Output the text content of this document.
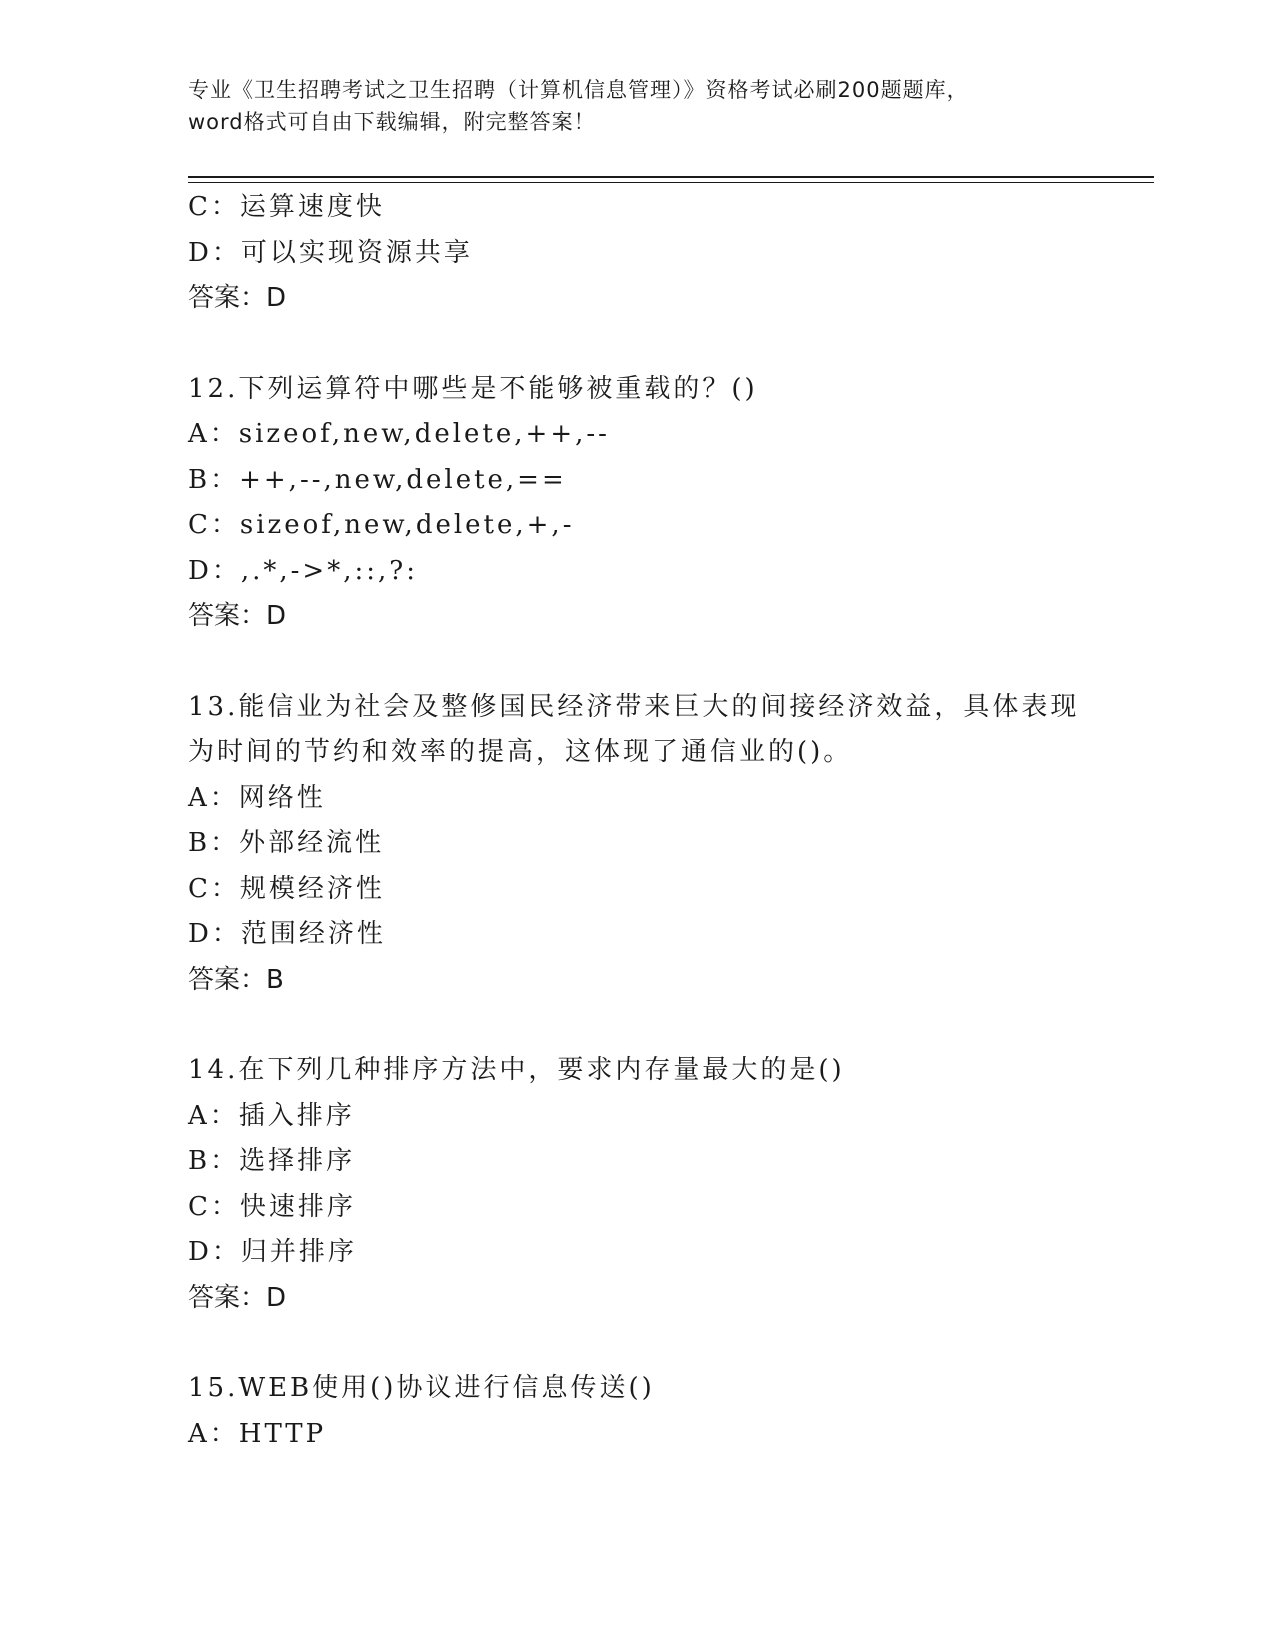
专业《卫生招聘考试之卫生招聘（计算机信息管理）》资格考试必刷200题题库，
word格式可自由下载编辑，附完整答案！
C：运算速度快
D：可以实现资源共享
答案：D
12.下列运算符中哪些是不能够被重载的？()
A：sizeof,new,delete,++,--
B：++,--,new,delete,==
C：sizeof,new,delete,+,-
D：,.*,->*,::,?:
答案：D
13.能信业为社会及整修国民经济带来巨大的间接经济效益，具体表现
为时间的节约和效率的提高，这体现了通信业的()。
A：网络性
B：外部经流性
C：规模经济性
D：范围经济性
答案：B
14.在下列几种排序方法中，要求内存量最大的是()
A：插入排序
B：选择排序
C：快速排序
D：归并排序
答案：D
15.WEB使用()协议进行信息传送()
A：HTTP
